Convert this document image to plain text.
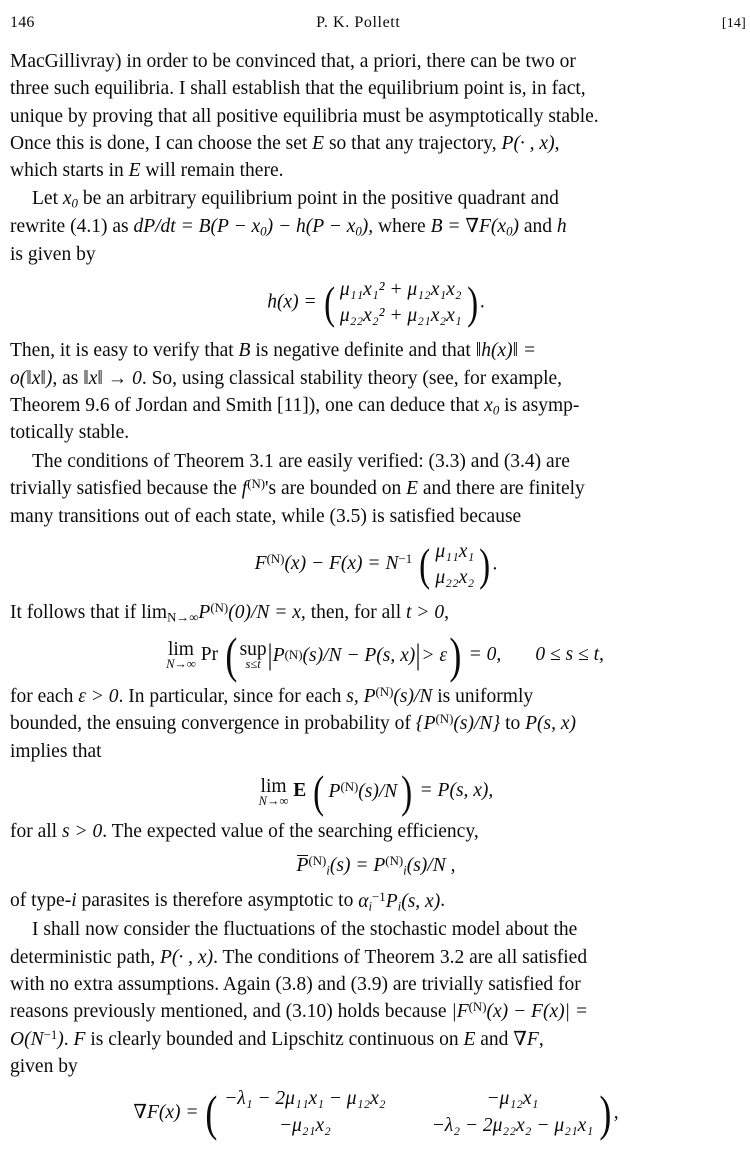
146	P. K. Pollett	[14]

MacGillivray) in order to be convinced that, a priori, there can be two or
three such equilibria. I shall establish that the equilibrium point is, in fact,
unique by proving that all positive equilibria must be asymptotically stable.
Once this is done, I can choose the set E so that any trajectory, P(· , x),
which starts in E will remain there.

Let $x_0$ be an arbitrary equilibrium point in the positive quadrant and
rewrite (4.1) as $dP/dt = B(P - x_0) - h(P - x_0)$, where $B = \nabla F(x_0)$ and h
is given by

h(x) = ( μ₁₁x₁² + μ₁₂x₁x₂
μ₂₂x₂² + μ₂₁x₂x₁ ) .

Then, it is easy to verify that B is negative definite and that ‖h(x)‖ =
o(‖x‖), as ‖x‖ → 0. So, using classical stability theory (see, for example,
Theorem 9.6 of Jordan and Smith [11]), one can deduce that $x_0$ is asymp-
totically stable.

The conditions of Theorem 3.1 are easily verified: (3.3) and (3.4) are
trivially satisfied because the $f^{(N)}'s$ are bounded on E and there are finitely
many transitions out of each state, while (3.5) is satisfied because

$F^{(N)}(x) - F(x) = N^{-1}$ ( μ₁₁x₁
μ₂₂x₂ ) .

It follows that if $\lim_{N\to\infty}P^{(N)}(0)/N = x$, then, for all t > 0,

lim
N→∞ Pr ( sup
s≤t | P (N) (s)/N − P(s, x) | > ε ) = 0, 0 ≤ s ≤ t,

for each ε > 0. In particular, since for each s, $P^{(N)}(s)/N$ is uniformly
bounded, the ensuing convergence in probability of $\{P^{(N)}(s)/N\}$ to P(s, x)
implies that

lim
N→∞ E ( $P^{(N)}(s)/N$ ) = P(s, x),

for all s > 0. The expected value of the searching efficiency,

$P^{(N)}_i(s) = P^{(N)}_i(s)/N$ ,

of type-i parasites is therefore asymptotic to $\alpha_i^{-1}P_i(s$, x).

I shall now consider the fluctuations of the stochastic model about the
deterministic path, P(· , x). The conditions of Theorem 3.2 are all satisfied
with no extra assumptions. Again (3.8) and (3.9) are trivially satisfied for
reasons previously mentioned, and (3.10) holds because $|F^{(N)}(x) - F(x)|$ =
$O(N^{-1})$. F is clearly bounded and Lipschitz continuous on E and ∇F,
given by

∇F(x) = ( −λ₁ − 2μ₁₁x₁ − μ₁₂x₂	−μ₁₂x₁
−μ₂₁x₂	−λ₂ − 2μ₂₂x₂ − μ₂₁x₁ ) ,
